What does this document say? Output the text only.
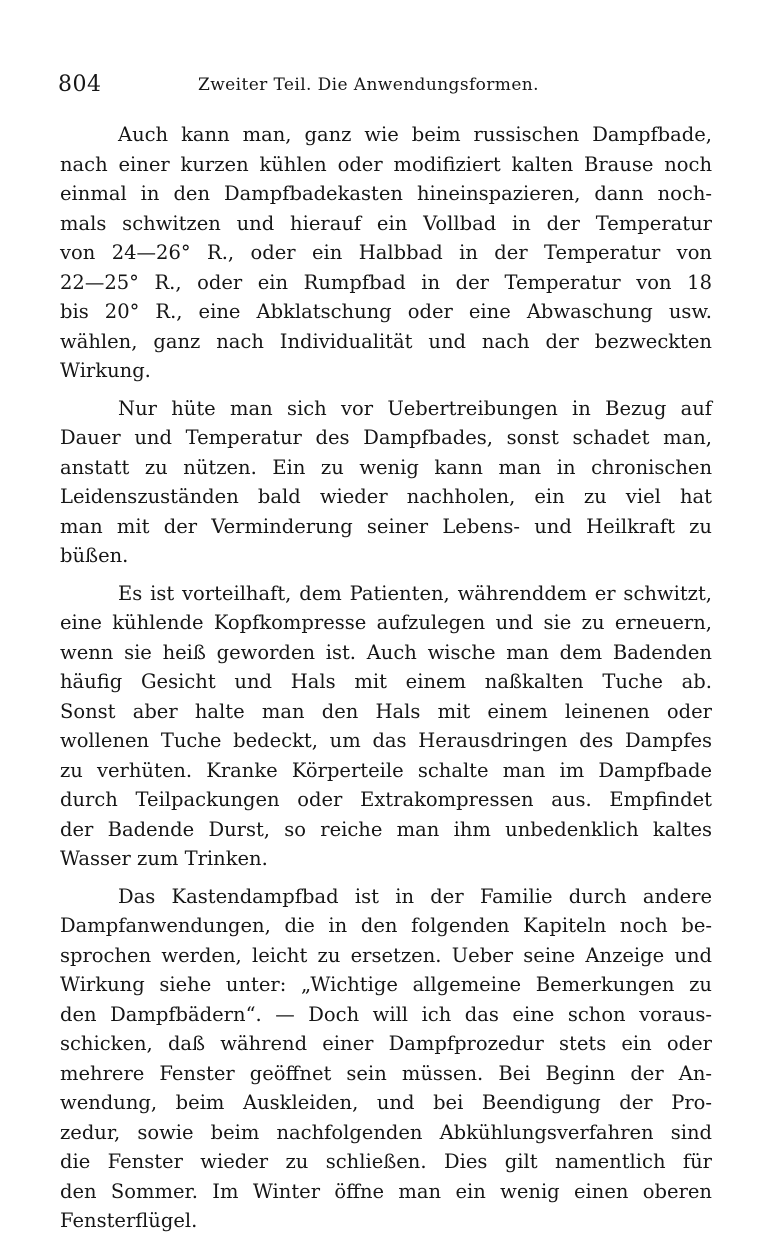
804	Zweiter Teil. Die Anwendungsformen.
Auch kann man, ganz wie beim russischen Dampfbade,
nach einer kurzen kühlen oder modifiziert kalten Brause noch
einmal in den Dampfbadekasten hineinspazieren, dann noch-
mals schwitzen und hierauf ein Vollbad in der Temperatur
von 24—26° R., oder ein Halbbad in der Temperatur von
22—25° R., oder ein Rumpfbad in der Temperatur von 18
bis 20° R., eine Abklatschung oder eine Abwaschung usw.
wählen, ganz nach Individualität und nach der bezweckten
Wirkung.
Nur hüte man sich vor Uebertreibungen in Bezug auf
Dauer und Temperatur des Dampfbades, sonst schadet man,
anstatt zu nützen. Ein zu wenig kann man in chronischen
Leidenszuständen bald wieder nachholen, ein zu viel hat
man mit der Verminderung seiner Lebens- und Heilkraft zu
büßen.
Es ist vorteilhaft, dem Patienten, währenddem er schwitzt,
eine kühlende Kopfkompresse aufzulegen und sie zu erneuern,
wenn sie heiß geworden ist. Auch wische man dem Badenden
häufig Gesicht und Hals mit einem naßkalten Tuche ab.
Sonst aber halte man den Hals mit einem leinenen oder
wollenen Tuche bedeckt, um das Herausdringen des Dampfes
zu verhüten. Kranke Körperteile schalte man im Dampfbade
durch Teilpackungen oder Extrakompressen aus. Empfindet
der Badende Durst, so reiche man ihm unbedenklich kaltes
Wasser zum Trinken.
Das Kastendampfbad ist in der Familie durch andere
Dampfanwendungen, die in den folgenden Kapiteln noch be-
sprochen werden, leicht zu ersetzen. Ueber seine Anzeige und
Wirkung siehe unter: „Wichtige allgemeine Bemerkungen zu
den Dampfbädern“. — Doch will ich das eine schon voraus-
schicken, daß während einer Dampfprozedur stets ein oder
mehrere Fenster geöffnet sein müssen. Bei Beginn der An-
wendung, beim Auskleiden, und bei Beendigung der Pro-
zedur, sowie beim nachfolgenden Abkühlungsverfahren sind
die Fenster wieder zu schließen. Dies gilt namentlich für
den Sommer. Im Winter öffne man ein wenig einen oberen
Fensterflügel.
